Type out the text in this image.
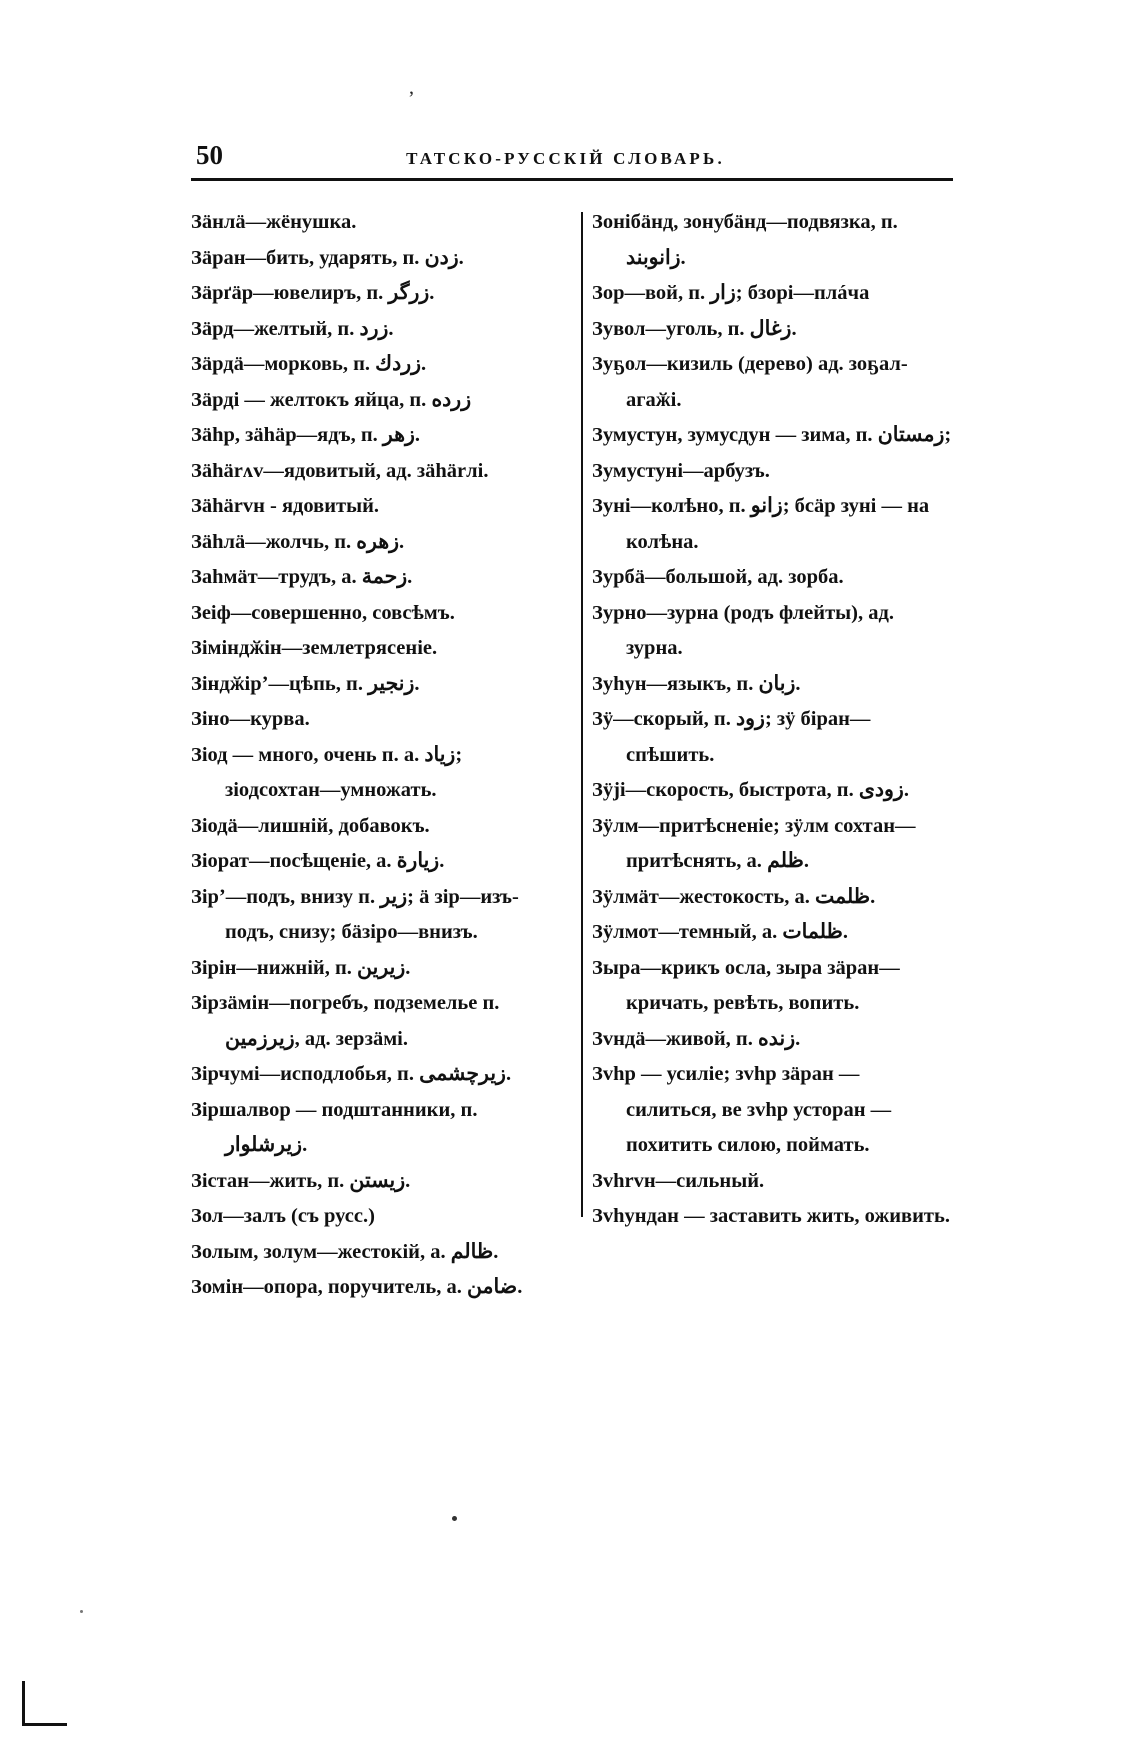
ʼ
50	ТАТСКО-РУССКІЙ СЛОВАРЬ.
Зäнлä—жёнушка.
Зäран—бить, ударять, п. زدن.
Зäрґäр—ювелиръ, п. زرگر.
Зäрд—желтый, п. زرد.
Зäрдä—морковь, п. زردك.
Зäрді — желтокъ яйца, п. زرده
Зäһр, зäһäр—ядъ, п. زهر.
Зäһärʌv—ядовитый, ад. зäһärлі.
Зäһärvн - ядовитый.
Зäһлä—жолчь, п. زهره.
Зaһмäт—трудъ, а. زحمة.
Зеіф—совершенно, совсѣмъ.
Зіміндӂін—землетрясеніе.
Зіндӂірʼ—цѣпь, п. زنجير.
Зіно—курва.
Зіод — много, очень п. а. زياد; зіодсохтан—умножать.
Зіодä—лишній, добавокъ.
Зіорат—посѣщеніе, а. زيارة.
Зірʼ—подъ, внизу п. زير; ä зір—изъ-подъ, снизу; бäзіро—внизъ.
Зірін—нижній, п. زيرين.
Зірзäмін—погребъ, подземелье п. زيرزمين, ад. зерзäмі.
Зірчумі—исподлобья, п. زيرچشمى.
Зіршалвор — подштанники, п. زيرشلوار.
Зістан—жить, п. زيستن.
Зол—залъ (съ русс.)
Золым, золум—жестокій, а. ظالم.
Зомін—опора, поручитель, а. ضامن.
Зонібäнд, зонубäнд—подвязка, п. زانوبند.
Зор—вой, п. زار; бзорі—плáча
Зувол—уголь, п. زغال.
Зуҕол—кизиль (дерево) ад. зоҕал-агаӂі.
Зумустун, зумусдун — зима, п. زمستان;
Зумустуні—арбузъ.
Зуні—колѣно, п. زانو; бсäр зуні — на колѣна.
Зурбä—большой, ад. зорба.
Зурно—зурна (родъ флейты), ад. зурна.
Зуһун—языкъ, п. زبان.
Зӱ—скорый, п. زود; зӱ біран—спѣшить.
Зӱјі—скорость, быстрота, п. زودى.
Зӱлм—притѣсненіе; зӱлм сохтан—притѣснять, а. ظلم.
Зӱлмäт—жестокость, а. ظلمت.
Зӱлмот—темный, а. ظلمات.
Зыра—крикъ осла, зыра зäран—кричать, ревѣть, вопить.
Зvндä—живой, п. زنده.
Зvһр — усиліе; зvһр зäран — силиться, ве зvһр усторан — похитить силою, поймать.
Зvһrvн—сильный.
Зvһундан — заставить жить, оживить.
